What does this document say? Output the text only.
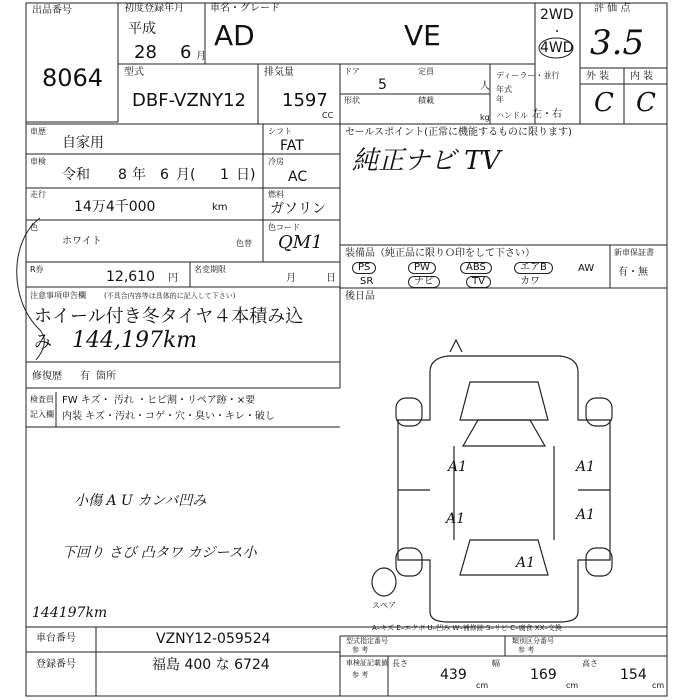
出品番号
8064
初度登録年月
平成
28 6 月
車名・グレード
AD	VE
2WD
・
4WD
評 価 点
3.5
外 装 内 装
C C
型式
DBF-VZNY12
排気量
1597
CC
ドア
5
定員
人
形状	積載
kg
ディーラー・並行
年式
年
ハンドル 左・右
車歴
自家用
車検
令和 8 年 6 月( 1 日)
走行
14万4千000	km
色
ホワイト	色替
シフト
FAT
冷房
AC
燃料
ガソリン
色コード
QM1
R券	12,610 円
名変期限
月	日
注意事項申告欄	(不具合内容等は具体的に記入して下さい)
ホイール付き冬タイヤ４本積み込
み 144,197km
修復歴 有 箇所
検査員
記入欄
FW キズ・ 汚れ ・ヒビ割・リペア跡・×要
内装 キズ・汚れ・コゲ・穴・臭い・キレ・破し
セールスポイント(正常に機能するものに限ります)
純正ナビ TV
装備品（純正品に限りＯ印をして下さい）
PS	PW	ABS	エアB	AW
SR	ナビ	TV	カワ
新車保証書
有・無
後日品
A1	A1
A1	A1
A1
スペア
小傷 A U カンバ凹み
下回り さび 凸タワ カジース小
144197km
A–キズ E–エクボ U–凹み W–補修跡 S–サビ C–腐食 XX–交換
車台番号	VZNY12-059524
登録番号	福島 400 な 6724
型式指定番号
参 考
類別区分番号
参 考
車検証記載値
参 考
長さ
439
cm
幅
169
cm
高さ
154
cm
